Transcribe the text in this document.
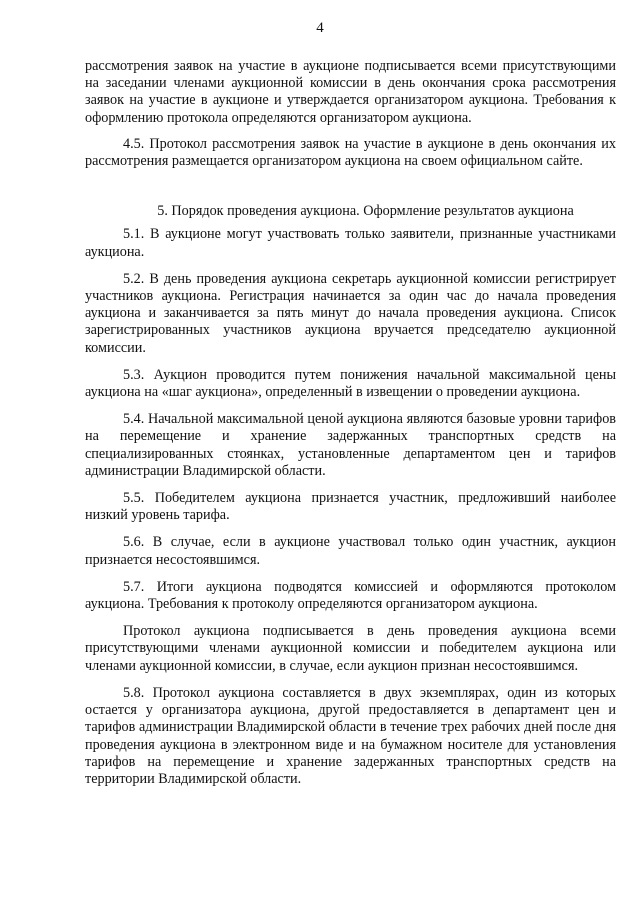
4

рассмотрения заявок на участие в аукционе подписывается всеми присутствующими на заседании членами аукционной комиссии в день окончания срока рассмотрения заявок на участие в аукционе и утверждается организатором аукциона. Требования к оформлению протокола определяются организатором аукциона.

4.5. Протокол рассмотрения заявок на участие в аукционе в день окончания их рассмотрения размещается организатором аукциона на своем официальном сайте.

5. Порядок проведения аукциона. Оформление результатов аукциона

5.1. В аукционе могут участвовать только заявители, признанные участниками аукциона.

5.2. В день проведения аукциона секретарь аукционной комиссии регистрирует участников аукциона. Регистрация начинается за один час до начала проведения аукциона и заканчивается за пять минут до начала проведения аукциона. Список зарегистрированных участников аукциона вручается председателю аукционной комиссии.

5.3. Аукцион проводится путем понижения начальной максимальной цены аукциона на «шаг аукциона», определенный в извещении о проведении аукциона.

5.4. Начальной максимальной ценой аукциона являются базовые уровни тарифов на перемещение и хранение задержанных транспортных средств на специализированных стоянках, установленные департаментом цен и тарифов администрации Владимирской области.

5.5. Победителем аукциона признается участник, предложивший наиболее низкий уровень тарифа.

5.6. В случае, если в аукционе участвовал только один участник, аукцион признается несостоявшимся.

5.7. Итоги аукциона подводятся комиссией и оформляются протоколом аукциона. Требования к протоколу определяются организатором аукциона.

Протокол аукциона подписывается в день проведения аукциона всеми присутствующими членами аукционной комиссии и победителем аукциона или членами аукционной комиссии, в случае, если аукцион признан несостоявшимся.

5.8. Протокол аукциона составляется в двух экземплярах, один из которых остается у организатора аукциона, другой предоставляется в департамент цен и тарифов администрации Владимирской области в течение трех рабочих дней после дня проведения аукциона в электронном виде и на бумажном носителе для установления тарифов на перемещение и хранение задержанных транспортных средств на территории Владимирской области.
